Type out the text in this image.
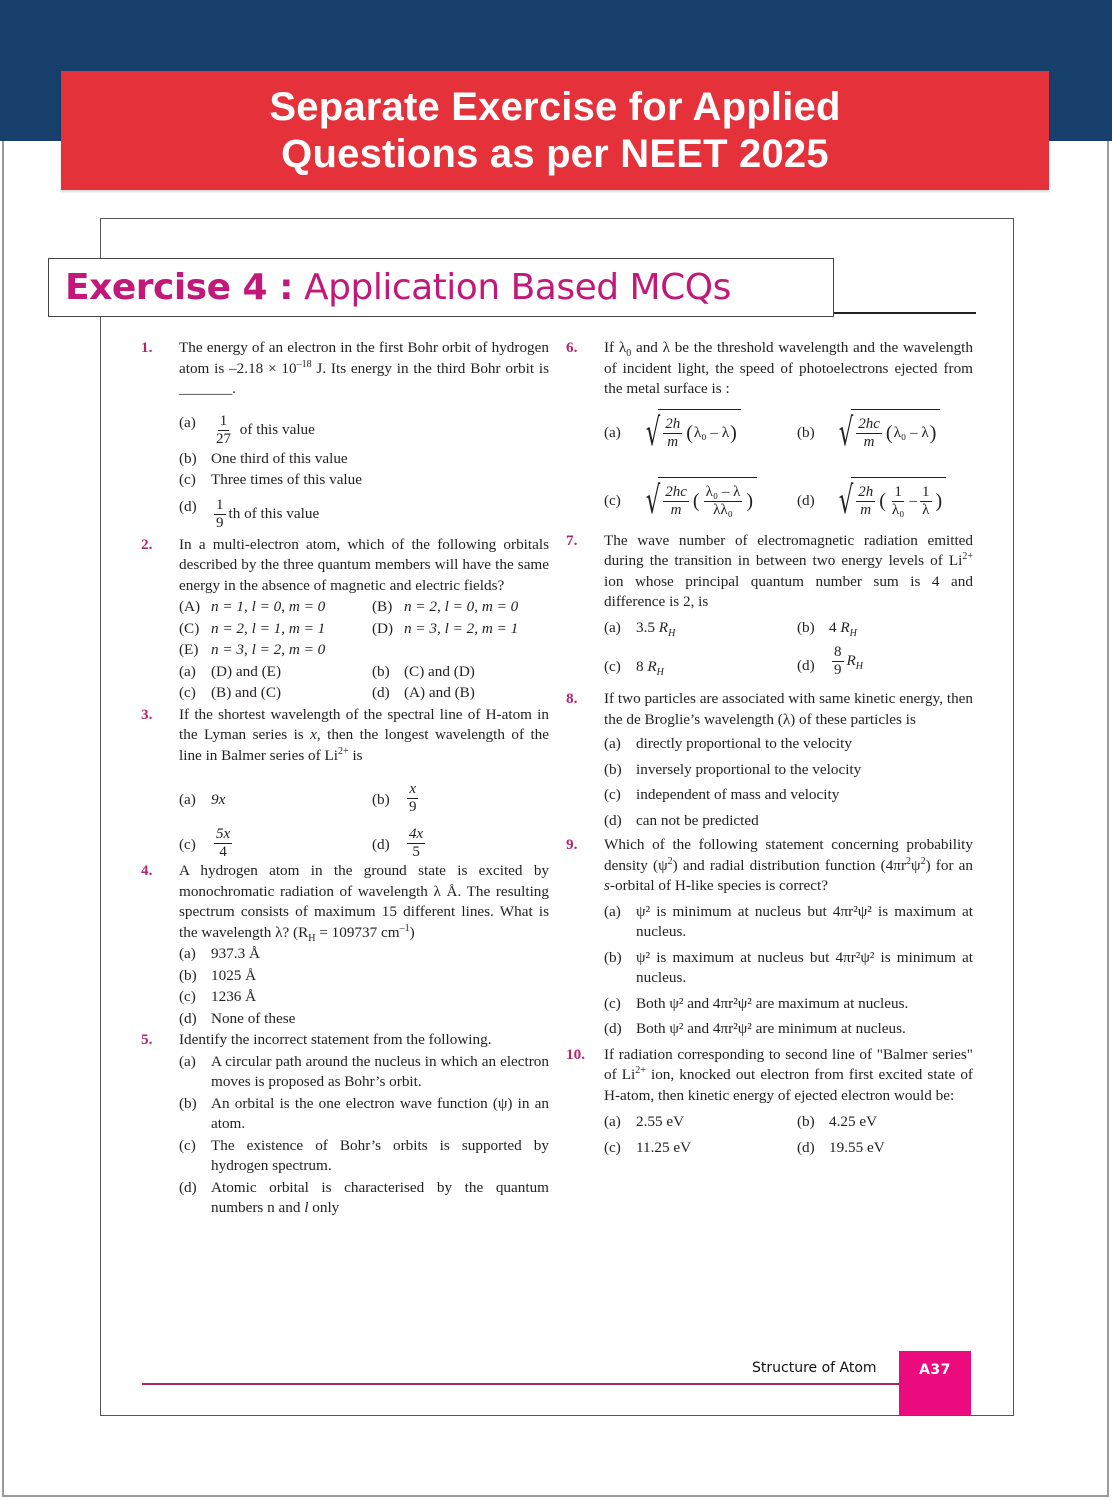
Separate Exercise for Applied
Questions as per NEET 2025
Exercise 4 : Application Based MCQs
1. The energy of an electron in the first Bohr orbit of hydrogen atom is $-2.18 \times 10^{-18}$ J. Its energy in the third Bohr orbit is _______.
$(a) \frac{1}{27}$ of this value
(b) One third of this value
(c) Three times of this value
$(d) \frac{1}{9}$ th of this value
2. In a multi-electron atom, which of the following orbitals described by the three quantum members will have the same energy in the absence of magnetic and electric fields?
(A) n = 1, l = 0, m = 0	(B) n = 2, l = 0, m = 0
(C) n = 2, l = 1, m = 1	(D) n = 3, l = 2, m = 1
(E) n = 3, l = 2, m = 0
(a) (D) and (E)	(b) (C) and (D)
(c) (B) and (C)	(d) (A) and (B)
3. If the shortest wavelength of the spectral line of H-atom in the Lyman series is x, then the longest wavelength of the line in Balmer series of $Li^{2+}$ is
(a) 9x	$(b) \frac{x}{9}$
$(c) \frac{5x}{4}$	$(d) \frac{4x}{5}$
4. A hydrogen atom in the ground state is excited by monochromatic radiation of wavelength λ Å. The resulting spectrum consists of maximum 15 different lines. What is the wavelength λ? ($R_H = 109737$ $cm^{-1}$)
(a) 937.3 Å
(b) 1025 Å
(c) 1236 Å
(d) None of these
5. Identify the incorrect statement from the following.
(a) A circular path around the nucleus in which an electron moves is proposed as Bohr’s orbit.
(b) An orbital is the one electron wave function (ψ) in an atom.
(c) The existence of Bohr’s orbits is supported by hydrogen spectrum.
(d) Atomic orbital is characterised by the quantum numbers n and l only
6. If $\lambda_0$ and λ be the threshold wavelength and the wavelength of incident light, the speed of photoelectrons ejected from the metal surface is :
(a) √ $\frac{2h}{m}$ ( λ₀ – λ )	(b) √ $\frac{2hc}{m}$ ( λ₀ – λ )
(c) √ $\frac{2hc}{m}$ ( $\frac{\text{λ₀ – λ}}{\text{λλ₀}}$ )	(d) √ $\frac{2h}{m}$ ( $\frac{1}{\text{λ₀}} - \frac{1}{\lambda}$ )
7. The wave number of electromagnetic radiation emitted during the transition in between two energy levels of $Li^{2+}$ ion whose principal quantum number sum is 4 and difference is 2, is
(a) 3.5 $R_H$	(b) 4 $R_H$
(c) 8 $R_H$	$(d) \frac{8}{9} R_H$
8. If two particles are associated with same kinetic energy, then the de Broglie’s wavelength (λ) of these particles is
(a) directly proportional to the velocity
(b) inversely proportional to the velocity
(c) independent of mass and velocity
(d) can not be predicted
9. Which of the following statement concerning probability density $(\psi^2)$ and radial distribution function $(4\pi r^2\psi^2)$ for an s-orbital of H-like species is correct?
(a) ψ² is minimum at nucleus but 4πr²ψ² is maximum at nucleus.
(b) ψ² is maximum at nucleus but 4πr²ψ² is minimum at nucleus.
(c) Both ψ² and 4πr²ψ² are maximum at nucleus.
(d) Both ψ² and 4πr²ψ² are minimum at nucleus.
10. If radiation corresponding to second line of "Balmer series" of $Li^{2+}$ ion, knocked out electron from first excited state of H-atom, then kinetic energy of ejected electron would be:
(a) 2.55 eV	(b) 4.25 eV
(c) 11.25 eV	(d) 19.55 eV
Structure of Atom	A37
